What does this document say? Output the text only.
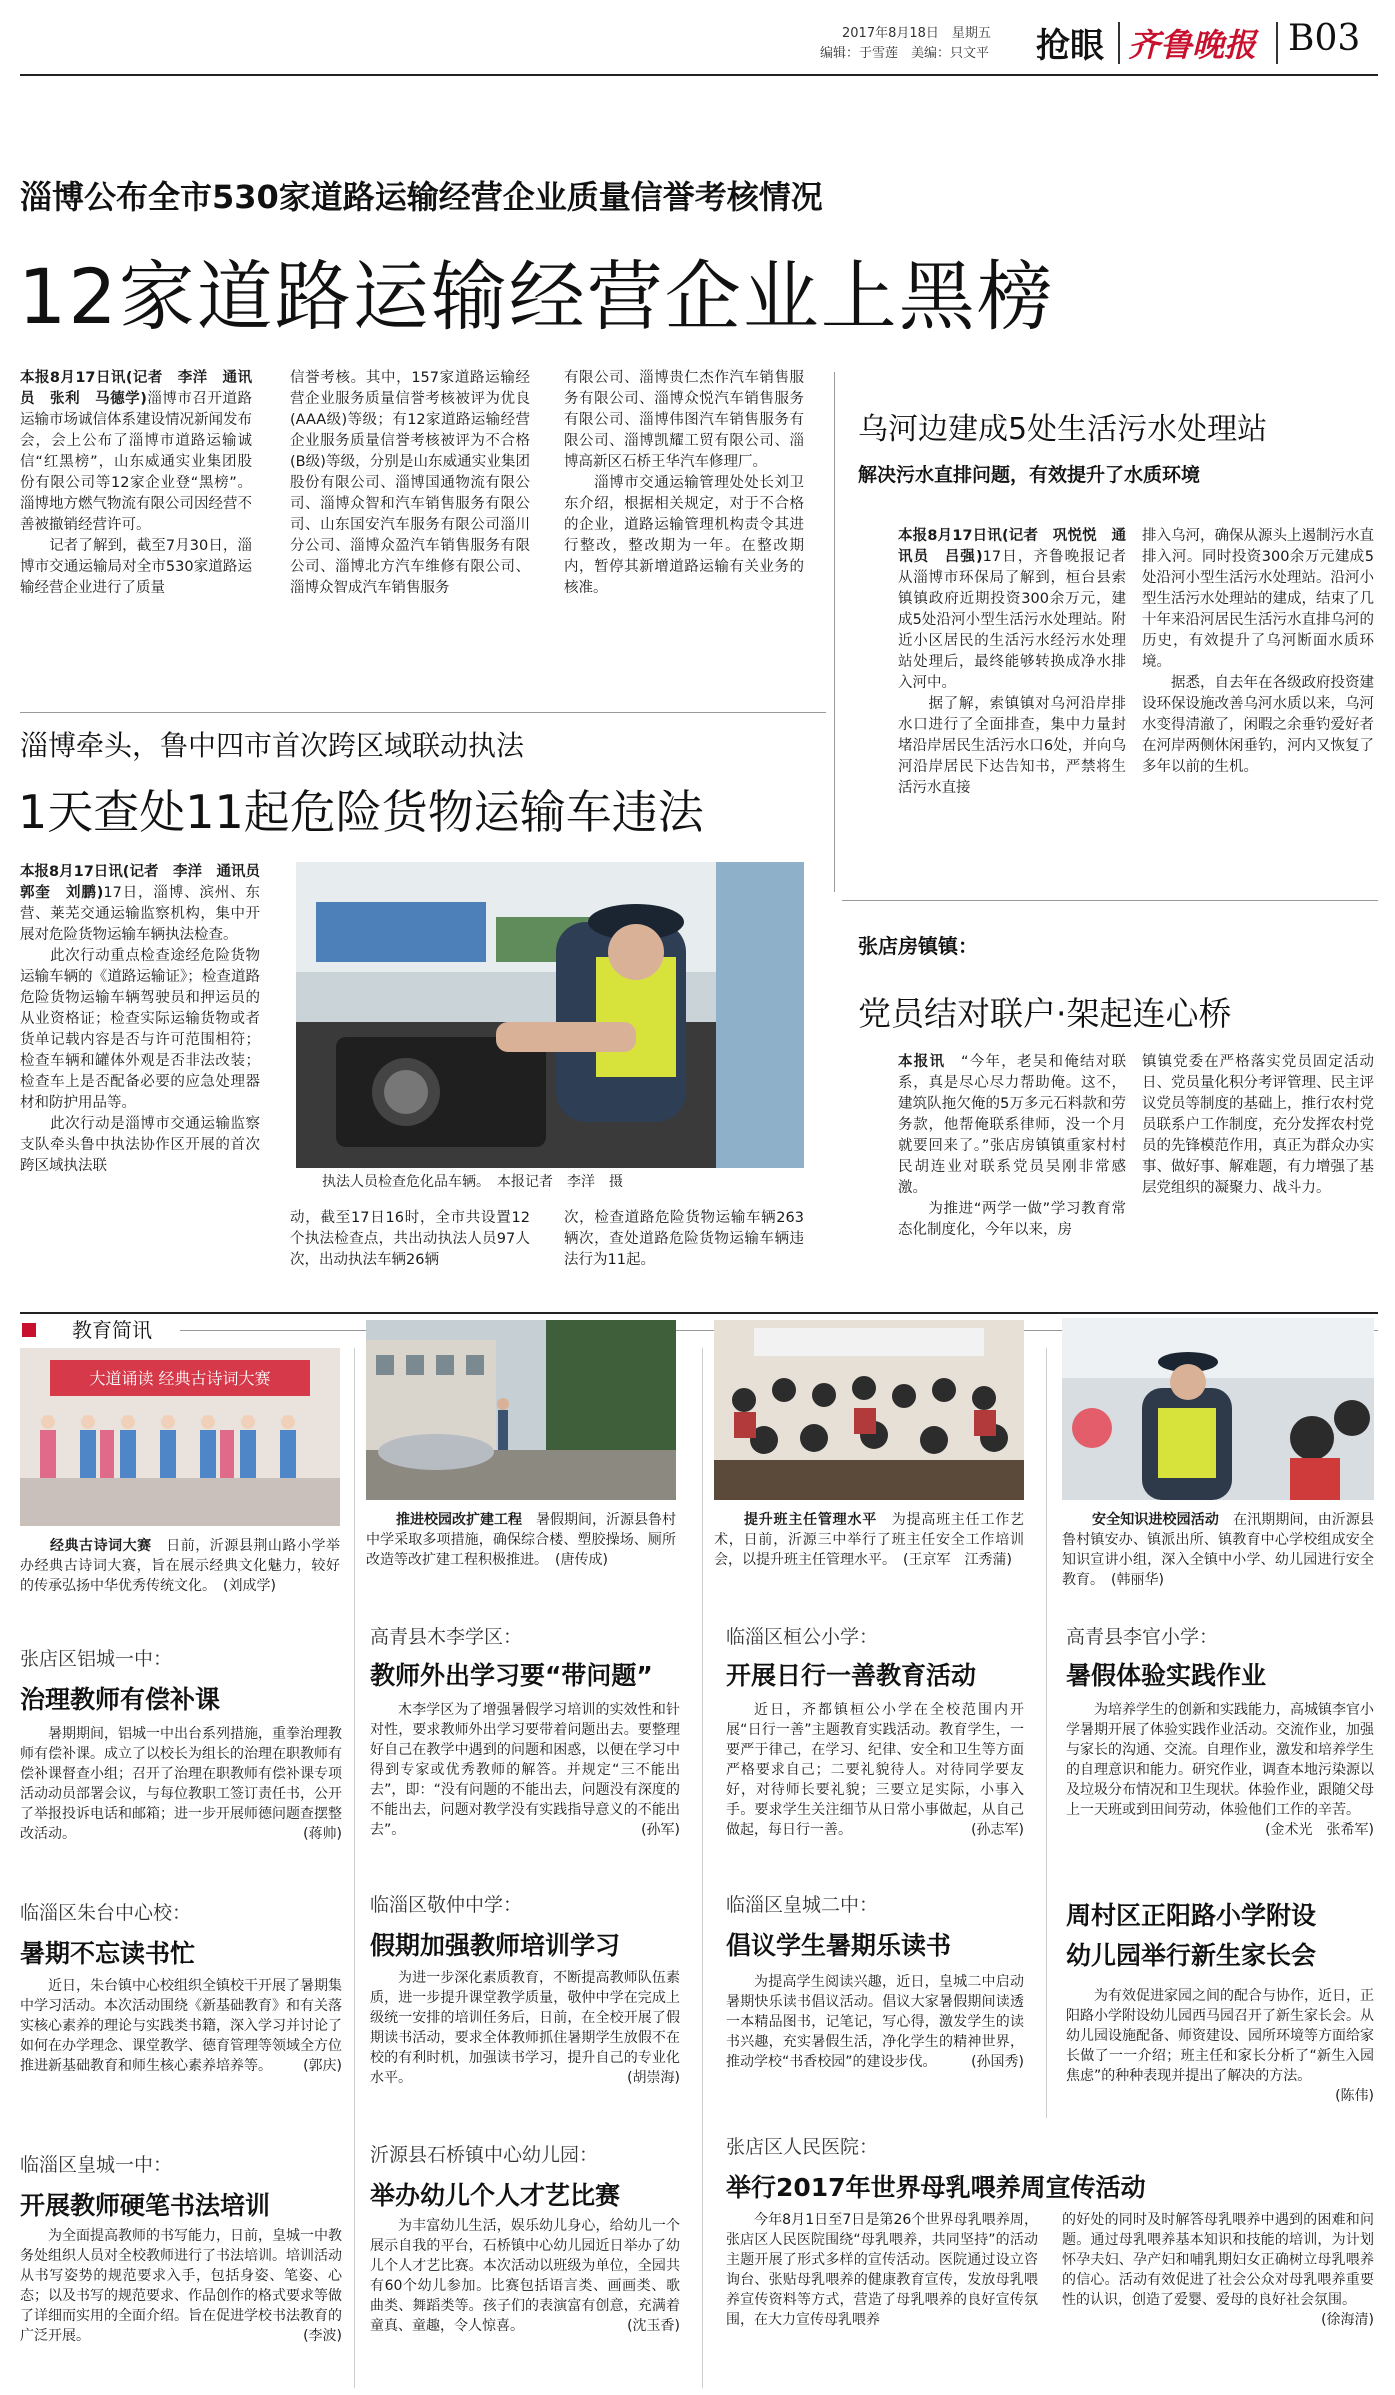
2017年8月18日　星期五
编辑：于雪莲　美编：只文平 抢眼 齐鲁晚报 B03
淄博公布全市530家道路运输经营企业质量信誉考核情况
12家道路运输经营企业上黑榜
本报8月17日讯(记者　李洋　通讯员　张利　马德学)淄博市召开道路运输市场诚信体系建设情况新闻发布会，会上公布了淄博市道路运输诚信“红黑榜”，山东威通实业集团股份有限公司等12家企业登“黑榜”。淄博地方燃气物流有限公司因经营不善被撤销经营许可。
　　记者了解到，截至7月30日，淄博市交通运输局对全市530家道路运输经营企业进行了质量
信誉考核。其中，157家道路运输经营企业服务质量信誉考核被评为优良(AAA级)等级；有12家道路运输经营企业服务质量信誉考核被评为不合格(B级)等级，分别是山东威通实业集团股份有限公司、淄博国通物流有限公司、淄博众智和汽车销售服务有限公司、山东国安汽车服务有限公司淄川分公司、淄博众盈汽车销售服务有限公司、淄博北方汽车维修有限公司、淄博众智成汽车销售服务
有限公司、淄博贵仁杰作汽车销售服务有限公司、淄博众悦汽车销售服务有限公司、淄博伟图汽车销售服务有限公司、淄博凯耀工贸有限公司、淄博高新区石桥王华汽车修理厂。
　　淄博市交通运输管理处处长刘卫东介绍，根据相关规定，对于不合格的企业，道路运输管理机构责令其进行整改，整改期为一年。在整改期内，暂停其新增道路运输有关业务的核准。
乌河边建成5处生活污水处理站
解决污水直排问题，有效提升了水质环境
本报8月17日讯(记者　巩悦悦　通讯员　吕强)17日，齐鲁晚报记者从淄博市环保局了解到，桓台县索镇镇政府近期投资300余万元，建成5处沿河小型生活污水处理站。附近小区居民的生活污水经污水处理站处理后，最终能够转换成净水排入河中。
　　据了解，索镇镇对乌河沿岸排水口进行了全面排查，集中力量封堵沿岸居民生活污水口6处，并向乌河沿岸居民下达告知书，严禁将生活污水直接
排入乌河，确保从源头上遏制污水直排入河。同时投资300余万元建成5处沿河小型生活污水处理站。沿河小型生活污水处理站的建成，结束了几十年来沿河居民生活污水直排乌河的历史，有效提升了乌河断面水质环境。
　　据悉，自去年在各级政府投资建设环保设施改善乌河水质以来，乌河水变得清澈了，闲暇之余垂钓爱好者在河岸两侧休闲垂钓，河内又恢复了多年以前的生机。
淄博牵头，鲁中四市首次跨区域联动执法
1天查处11起危险货物运输车违法
本报8月17日讯(记者　李洋　通讯员　郭奎　刘鹏)17日，淄博、滨州、东营、莱芜交通运输监察机构，集中开展对危险货物运输车辆执法检查。
　　此次行动重点检查途经危险货物运输车辆的《道路运输证》；检查道路危险货物运输车辆驾驶员和押运员的从业资格证；检查实际运输货物或者货单记载内容是否与许可范围相符；检查车辆和罐体外观是否非法改装；检查车上是否配备必要的应急处理器材和防护用品等。
　　此次行动是淄博市交通运输监察支队牵头鲁中执法协作区开展的首次跨区域执法联
执法人员检查危化品车辆。　本报记者　李洋　摄
动，截至17日16时，全市共设置12个执法检查点，共出动执法人员97人次，出动执法车辆26辆
次，检查道路危险货物运输车辆263辆次，查处道路危险货物运输车辆违法行为11起。
张店房镇镇：
党员结对联户·架起连心桥
本报讯　 “今年，老吴和俺结对联系，真是尽心尽力帮助俺。这不，建筑队拖欠俺的5万多元石料款和劳务款，他帮俺联系律师，没一个月就要回来了。”张店房镇镇重家村村民胡连业对联系党员吴刚非常感激。
　　为推进“两学一做”学习教育常态化制度化，今年以来，房
镇镇党委在严格落实党员固定活动日、党员量化积分考评管理、民主评议党员等制度的基础上，推行农村党员联系户工作制度，充分发挥农村党员的先锋模范作用，真正为群众办实事、做好事、解难题，有力增强了基层党组织的凝聚力、战斗力。
教育简讯
大道诵读 经典古诗词大赛
经典古诗词大赛　 日前，沂源县荆山路小学举办经典古诗词大赛，旨在展示经典文化魅力，较好的传承弘扬中华优秀传统文化。　 (刘成学)
推进校园改扩建工程　 暑假期间，沂源县鲁村中学采取多项措施，确保综合楼、塑胶操场、厕所改造等改扩建工程积极推进。　 (唐传成)
提升班主任管理水平　 为提高班主任工作艺术，日前，沂源三中举行了班主任安全工作培训会，以提升班主任管理水平。　 (王京军　江秀蒲)
安全知识进校园活动　 在汛期期间，由沂源县鲁村镇安办、镇派出所、镇教育中心学校组成安全知识宣讲小组，深入全镇中小学、幼儿园进行安全教育。　 (韩丽华)
张店区铝城一中：
治理教师有偿补课
暑期期间，铝城一中出台系列措施，重拳治理教师有偿补课。成立了以校长为组长的治理在职教师有偿补课督查小组；召开了治理在职教师有偿补课专项活动动员部署会议，与每位教职工签订责任书，公开了举报投诉电话和邮箱；进一步开展师德问题查摆整改活动。	(蒋帅)
临淄区朱台中心校：
暑期不忘读书忙
近日，朱台镇中心校组织全镇校干开展了暑期集中学习活动。本次活动围绕《新基础教育》和有关落实核心素养的理论与实践类书籍，深入学习并讨论了如何在办学理念、课堂教学、德育管理等领域全方位推进新基础教育和师生核心素养培养等。	(郭庆)
临淄区皇城一中：
开展教师硬笔书法培训
为全面提高教师的书写能力，日前，皇城一中教务处组织人员对全校教师进行了书法培训。培训活动从书写姿势的规范要求入手，包括身姿、笔姿、心态；以及书写的规范要求、作品创作的格式要求等做了详细而实用的全面介绍。旨在促进学校书法教育的广泛开展。	(李波)
高青县木李学区：
教师外出学习要“带问题”
木李学区为了增强暑假学习培训的实效性和针对性，要求教师外出学习要带着问题出去。要整理好自己在教学中遇到的问题和困惑，以便在学习中得到专家或优秀教师的解答。并规定“三不能出去”，即：“没有问题的不能出去，问题没有深度的不能出去，问题对教学没有实践指导意义的不能出去”。	(孙军)
临淄区敬仲中学：
假期加强教师培训学习
为进一步深化素质教育，不断提高教师队伍素质，进一步提升课堂教学质量，敬仲中学在完成上级统一安排的培训任务后，日前，在全校开展了假期读书活动，要求全体教师抓住暑期学生放假不在校的有利时机，加强读书学习，提升自己的专业化水平。	(胡崇海)
沂源县石桥镇中心幼儿园：
举办幼儿个人才艺比赛
为丰富幼儿生活，娱乐幼儿身心，给幼儿一个展示自我的平台，石桥镇中心幼儿园近日举办了幼儿个人才艺比赛。本次活动以班级为单位，全园共有60个幼儿参加。比赛包括语言类、画画类、歌曲类、舞蹈类等。孩子们的表演富有创意，充满着童真、童趣，令人惊喜。	(沈玉香)
临淄区桓公小学：
开展日行一善教育活动
近日，齐都镇桓公小学在全校范围内开展“日行一善”主题教育实践活动。教育学生，一要严于律己，在学习、纪律、安全和卫生等方面严格要求自己；二要礼貌待人。对待同学要友好，对待师长要礼貌；三要立足实际，小事入手。要求学生关注细节从日常小事做起，从自己做起，每日行一善。	(孙志军)
临淄区皇城二中：
倡议学生暑期乐读书
为提高学生阅读兴趣，近日，皇城二中启动暑期快乐读书倡议活动。倡议大家暑假期间读透一本精品图书，记笔记，写心得，激发学生的读书兴趣，充实暑假生活，净化学生的精神世界，推动学校“书香校园”的建设步伐。	(孙国秀)
高青县李官小学：
暑假体验实践作业
为培养学生的创新和实践能力，高城镇李官小学暑期开展了体验实践作业活动。交流作业，加强与家长的沟通、交流。自理作业，激发和培养学生的自理意识和能力。研究作业，调查本地污染源以及垃圾分布情况和卫生现状。体验作业，跟随父母上一天班或到田间劳动，体验他们工作的辛苦。
(金术光　张希军)
周村区正阳路小学附设
幼儿园举行新生家长会
为有效促进家园之间的配合与协作，近日，正阳路小学附设幼儿园西马园召开了新生家长会。从幼儿园设施配备、师资建设、园所环境等方面给家长做了一一介绍；班主任和家长分析了“新生入园焦虑”的种种表现并提出了解决的方法。
(陈伟)
张店区人民医院：
举行2017年世界母乳喂养周宣传活动
今年8月1日至7日是第26个世界母乳喂养周，张店区人民医院围绕“母乳喂养，共同坚持”的活动主题开展了形式多样的宣传活动。医院通过设立咨询台、张贴母乳喂养的健康教育宣传，发放母乳喂养宣传资料等方式，营造了母乳喂养的良好宣传氛围，在大力宣传母乳喂养
的好处的同时及时解答母乳喂养中遇到的困难和问题。通过母乳喂养基本知识和技能的培训，为计划怀孕夫妇、孕产妇和哺乳期妇女正确树立母乳喂养的信心。活动有效促进了社会公众对母乳喂养重要性的认识，创造了爱婴、爱母的良好社会氛围。
(徐海清)
